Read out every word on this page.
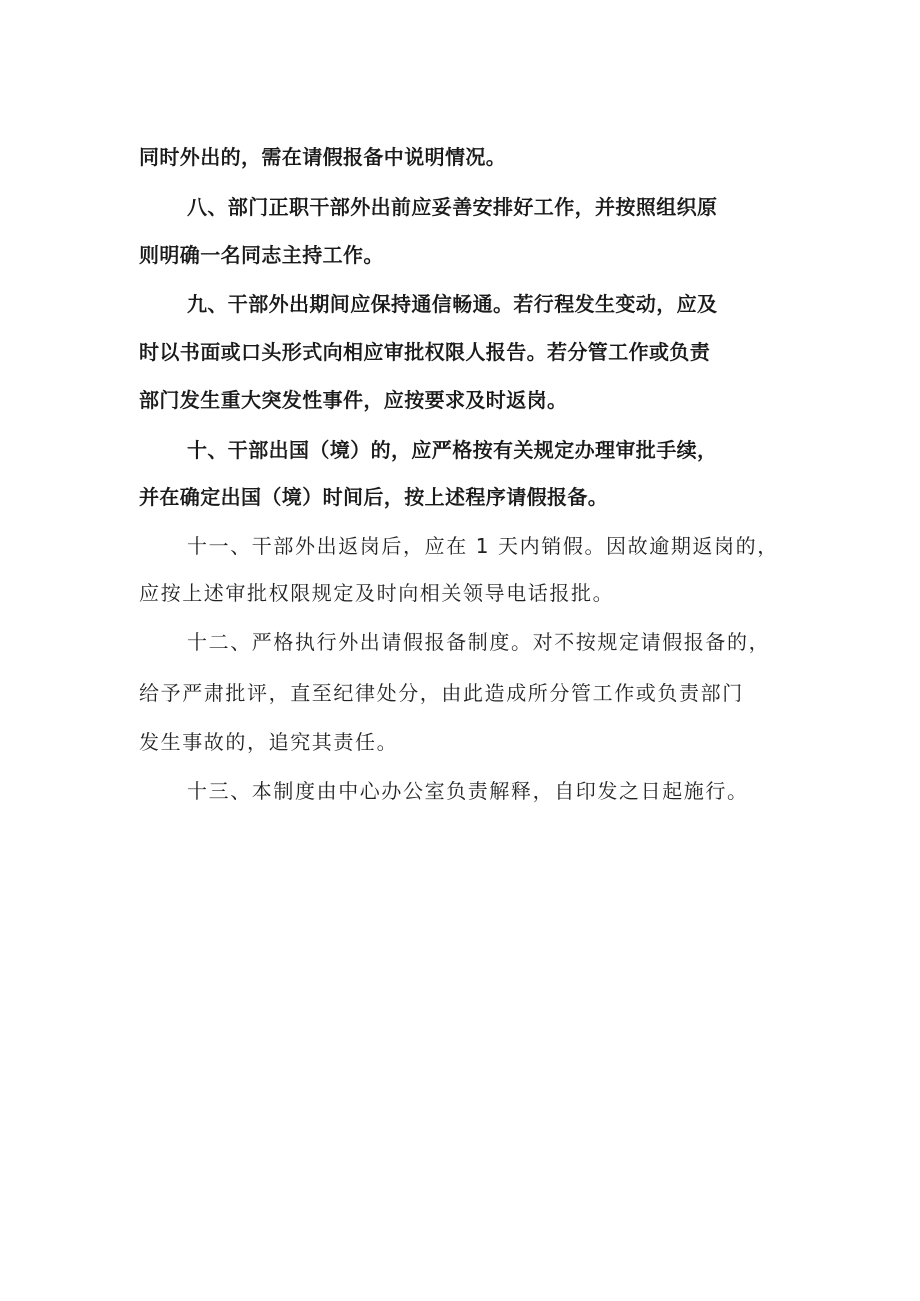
同时外出的，需在请假报备中说明情况。
八、部门正职干部外出前应妥善安排好工作，并按照组织原
则明确一名同志主持工作。
九、干部外出期间应保持通信畅通。若行程发生变动，应及
时以书面或口头形式向相应审批权限人报告。若分管工作或负责
部门发生重大突发性事件，应按要求及时返岗。
十、干部出国（境）的，应严格按有关规定办理审批手续，
并在确定出国（境）时间后，按上述程序请假报备。
十一、干部外出返岗后，应在 1 天内销假。因故逾期返岗的，
应按上述审批权限规定及时向相关领导电话报批。
十二、严格执行外出请假报备制度。对不按规定请假报备的，
给予严肃批评，直至纪律处分，由此造成所分管工作或负责部门
发生事故的，追究其责任。
十三、本制度由中心办公室负责解释，自印发之日起施行。
